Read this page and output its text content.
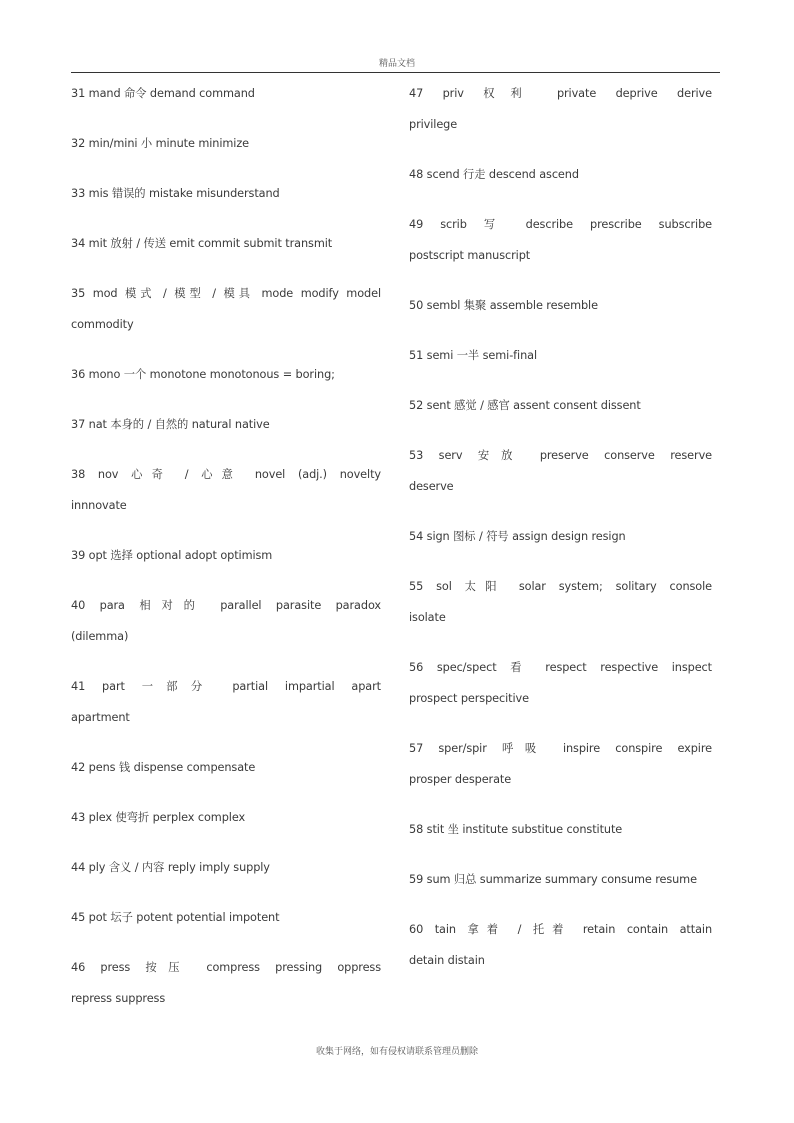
精品文档
31 mand 命令 demand command
32 min/mini 小 minute minimize
33 mis 错误的 mistake misunderstand
34 mit 放射 / 传送 emit commit submit transmit
35 mod 模式 / 模型 / 模具 mode modify model
commodity
36 mono 一个 monotone monotonous = boring;
37 nat 本身的 / 自然的 natural native
38 nov 心奇 / 心意 novel (adj.) novelty
innnovate
39 opt 选择 optional adopt optimism
40 para 相对的 parallel parasite paradox
(dilemma)
41 part 一部分 partial impartial apart
apartment
42 pens 钱 dispense compensate
43 plex 使弯折 perplex complex
44 ply 含义 / 内容 reply imply supply
45 pot 坛子 potent potential impotent
46 press 按压 compress pressing oppress
repress suppress
47 priv 权利 private deprive derive
privilege
48 scend 行走 descend ascend
49 scrib 写 describe prescribe subscribe
postscript manuscript
50 sembl 集聚 assemble resemble
51 semi 一半 semi-final
52 sent 感觉 / 感官 assent consent dissent
53 serv 安放 preserve conserve reserve
deserve
54 sign 图标 / 符号 assign design resign
55 sol 太阳 solar system; solitary console
isolate
56 spec/spect 看 respect respective inspect
prospect perspecitive
57 sper/spir 呼吸 inspire conspire expire
prosper desperate
58 stit 坐 institute substitue constitute
59 sum 归总 summarize summary consume resume
60 tain 拿着 / 托着 retain contain attain
detain distain
收集于网络，如有侵权请联系管理员删除
